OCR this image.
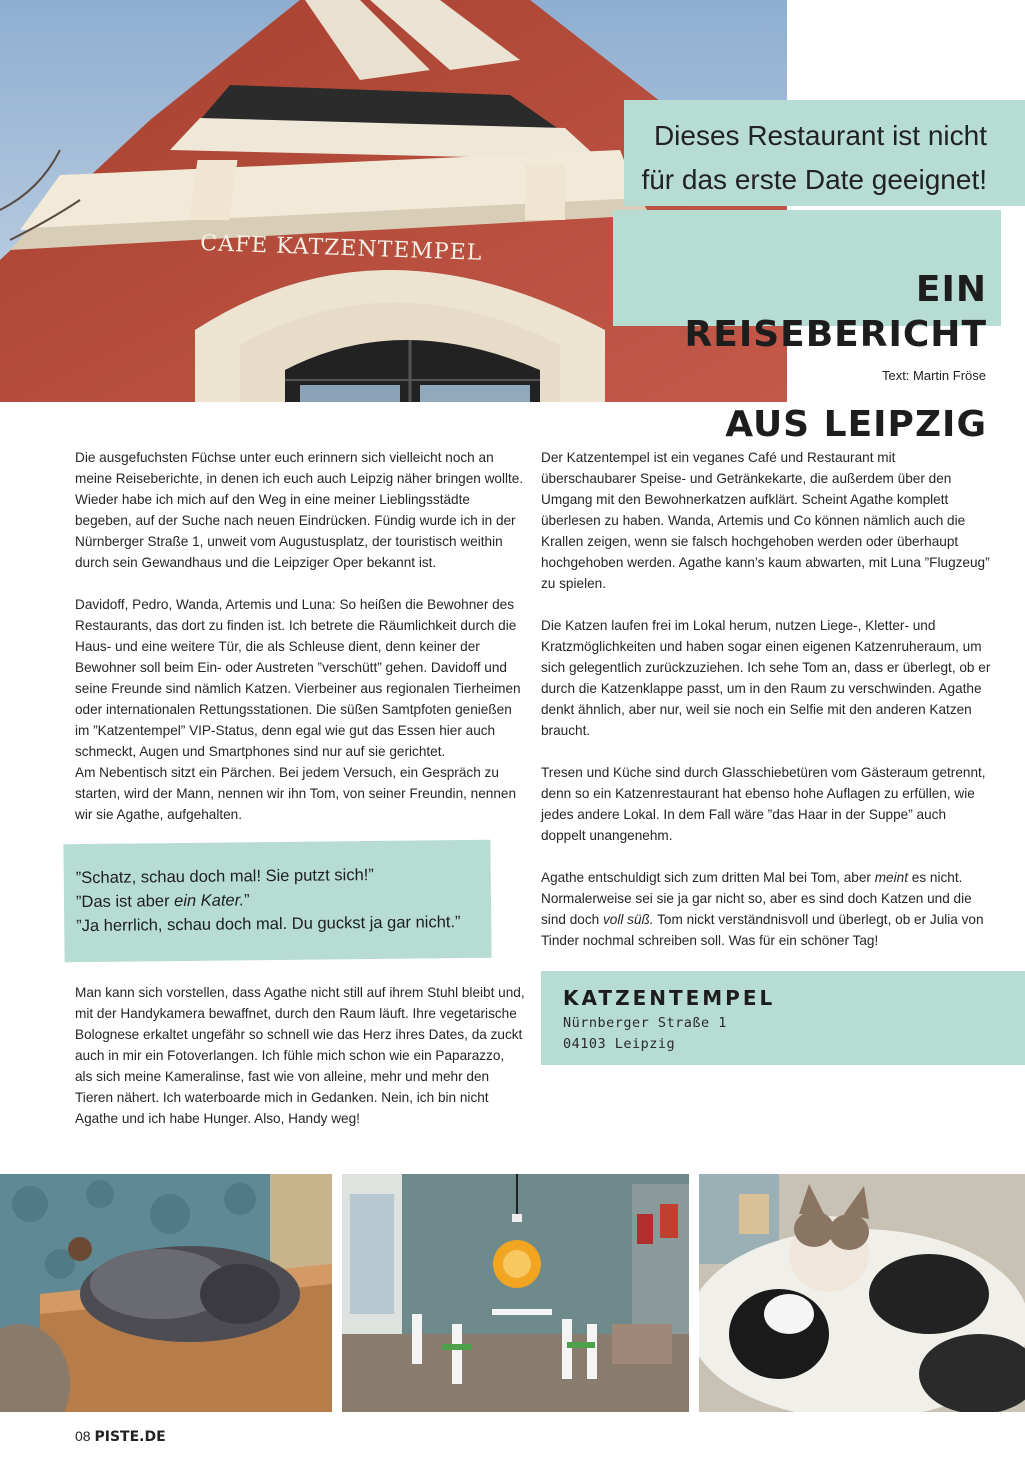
CAFE KATZENTEMPEL
Dieses Restaurant ist nicht
für das erste Date geeignet!

EIN REISEBERICHT

AUS LEIPZIG

Text: Martin Fröse

Die ausgefuchsten Füchse unter euch erinnern sich vielleicht noch an meine Reiseberichte, in denen ich euch auch Leipzig näher bringen wollte. Wieder habe ich mich auf den Weg in eine meiner Lieblingsstädte begeben, auf der Suche nach neuen Eindrücken. Fündig wurde ich in der Nürnberger Straße 1, unweit vom Augustusplatz, der touristisch weithin durch sein Gewandhaus und die Leipziger Oper bekannt ist.

Davidoff, Pedro, Wanda, Artemis und Luna: So heißen die Bewohner des Restaurants, das dort zu finden ist. Ich betrete die Räumlichkeit durch die Haus- und eine weitere Tür, die als Schleuse dient, denn keiner der Bewohner soll beim Ein- oder Austreten ”verschütt” gehen. Davidoff und seine Freunde sind nämlich Katzen. Vierbeiner aus regionalen Tierheimen oder internationalen Rettungsstationen. Die süßen Samtpfoten genießen im ”Katzentempel” VIP-Status, denn egal wie gut das Essen hier auch schmeckt, Augen und Smartphones sind nur auf sie gerichtet.

Am Nebentisch sitzt ein Pärchen. Bei jedem Versuch, ein Gespräch zu starten, wird der Mann, nennen wir ihn Tom, von seiner Freundin, nennen wir sie Agathe, aufgehalten.

”Schatz, schau doch mal! Sie putzt sich!”
”Das ist aber ein Kater.”
”Ja herrlich, schau doch mal. Du guckst ja gar nicht.”

Man kann sich vorstellen, dass Agathe nicht still auf ihrem Stuhl bleibt und, mit der Handykamera bewaffnet, durch den Raum läuft. Ihre vegetarische Bolognese erkaltet ungefähr so schnell wie das Herz ihres Dates, da zuckt auch in mir ein Fotoverlangen. Ich fühle mich schon wie ein Paparazzo, als sich meine Kameralinse, fast wie von alleine, mehr und mehr den Tieren nähert. Ich waterboarde mich in Gedanken. Nein, ich bin nicht Agathe und ich habe Hunger. Also, Handy weg!

Der Katzentempel ist ein veganes Café und Restaurant mit überschaubarer Speise- und Getränkekarte, die außerdem über den Umgang mit den Bewohnerkatzen aufklärt. Scheint Agathe komplett überlesen zu haben. Wanda, Artemis und Co können nämlich auch die Krallen zeigen, wenn sie falsch hochgehoben werden oder überhaupt hochgehoben werden. Agathe kann’s kaum abwarten, mit Luna ”Flugzeug” zu spielen.

Die Katzen laufen frei im Lokal herum, nutzen Liege-, Kletter- und Kratzmöglichkeiten und haben sogar einen eigenen Katzenruheraum, um sich gelegentlich zurückzuziehen. Ich sehe Tom an, dass er überlegt, ob er durch die Katzenklappe passt, um in den Raum zu verschwinden. Agathe denkt ähnlich, aber nur, weil sie noch ein Selfie mit den anderen Katzen braucht.

Tresen und Küche sind durch Glasschiebetüren vom Gästeraum getrennt, denn so ein Katzenrestaurant hat ebenso hohe Auflagen zu erfüllen, wie jedes andere Lokal. In dem Fall wäre ”das Haar in der Suppe” auch doppelt unangenehm.

Agathe entschuldigt sich zum dritten Mal bei Tom, aber meint es nicht. Normalerweise sei sie ja gar nicht so, aber es sind doch Katzen und die sind doch voll süß. Tom nickt verständnisvoll und überlegt, ob er Julia von Tinder nochmal schreiben soll. Was für ein schöner Tag!

KATZENTEMPEL
Nürnberger Straße 1
04103 Leipzig
08 PISTE.DE
